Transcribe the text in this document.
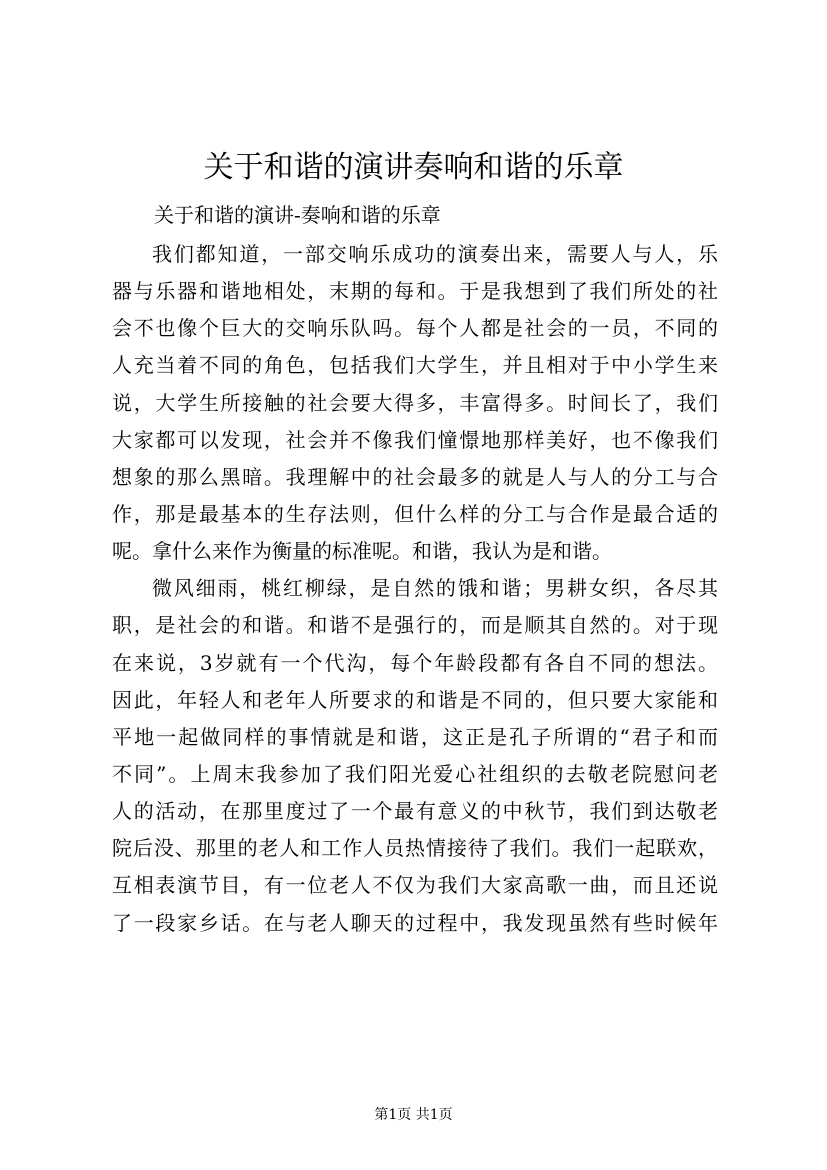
关于和谐的演讲奏响和谐的乐章

关于和谐的演讲-奏响和谐的乐章

我们都知道，一部交响乐成功的演奏出来，需要人与人，乐
器与乐器和谐地相处，末期的每和。于是我想到了我们所处的社
会不也像个巨大的交响乐队吗。每个人都是社会的一员，不同的
人充当着不同的角色，包括我们大学生，并且相对于中小学生来
说，大学生所接触的社会要大得多，丰富得多。时间长了，我们
大家都可以发现，社会并不像我们憧憬地那样美好，也不像我们
想象的那么黑暗。我理解中的社会最多的就是人与人的分工与合
作，那是最基本的生存法则，但什么样的分工与合作是最合适的
呢。拿什么来作为衡量的标准呢。和谐，我认为是和谐。
微风细雨，桃红柳绿，是自然的饿和谐；男耕女织，各尽其
职，是社会的和谐。和谐不是强行的，而是顺其自然的。对于现
在来说，3岁就有一个代沟，每个年龄段都有各自不同的想法。
因此，年轻人和老年人所要求的和谐是不同的，但只要大家能和
平地一起做同样的事情就是和谐，这正是孔子所谓的“君子和而
不同”。上周末我参加了我们阳光爱心社组织的去敬老院慰问老
人的活动，在那里度过了一个最有意义的中秋节，我们到达敬老
院后没、那里的老人和工作人员热情接待了我们。我们一起联欢，
互相表演节目，有一位老人不仅为我们大家高歌一曲，而且还说
了一段家乡话。在与老人聊天的过程中，我发现虽然有些时候年

第1页 共1页
